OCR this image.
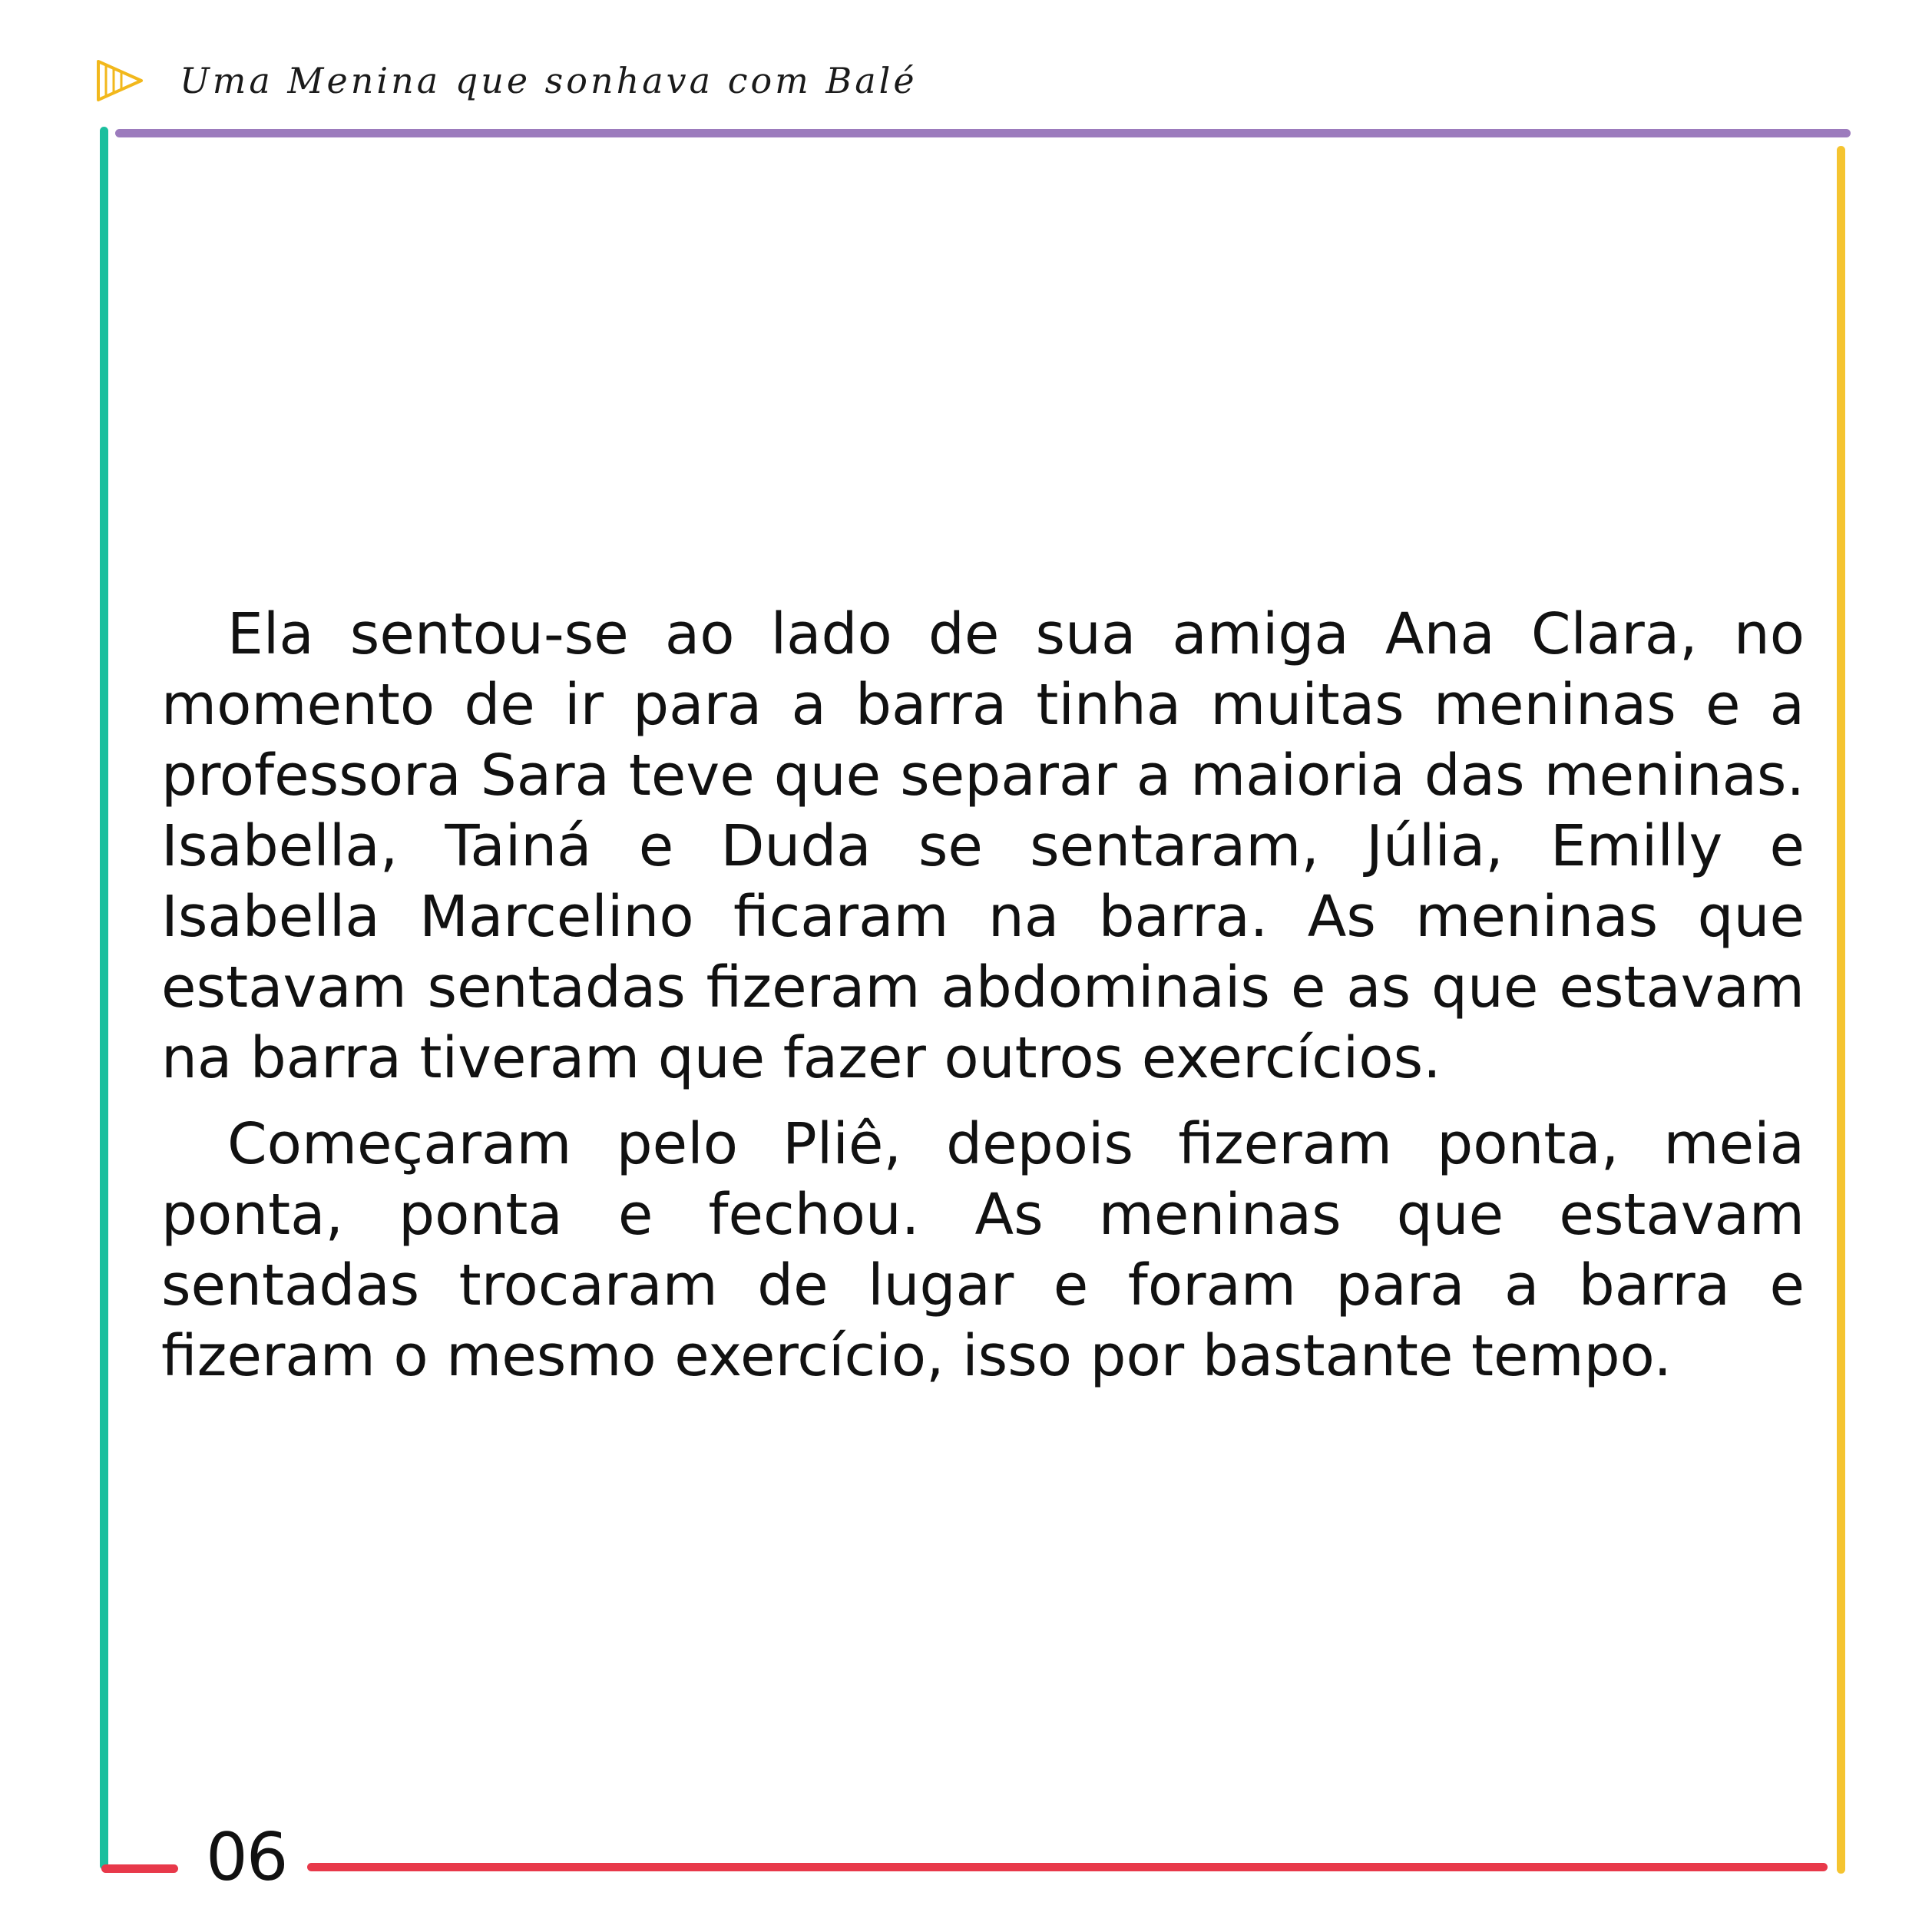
Uma Menina que sonhava com Balé
06

Ela sentou-se ao lado de sua amiga Ana Clara, no momento de ir para a barra tinha muitas meninas e a professora Sara teve que separar a maioria das meninas. Isabella, Tainá e Duda se sentaram, Júlia, Emilly e Isabella Marcelino ficaram na barra. As meninas que estavam sentadas fizeram abdominais e as que estavam na barra tiveram que fazer outros exercícios.

Começaram pelo Pliê, depois fizeram ponta, meia ponta, ponta e fechou. As meninas que estavam sentadas trocaram de lugar e foram para a barra e fizeram o mesmo exercício, isso por bastante tempo.
